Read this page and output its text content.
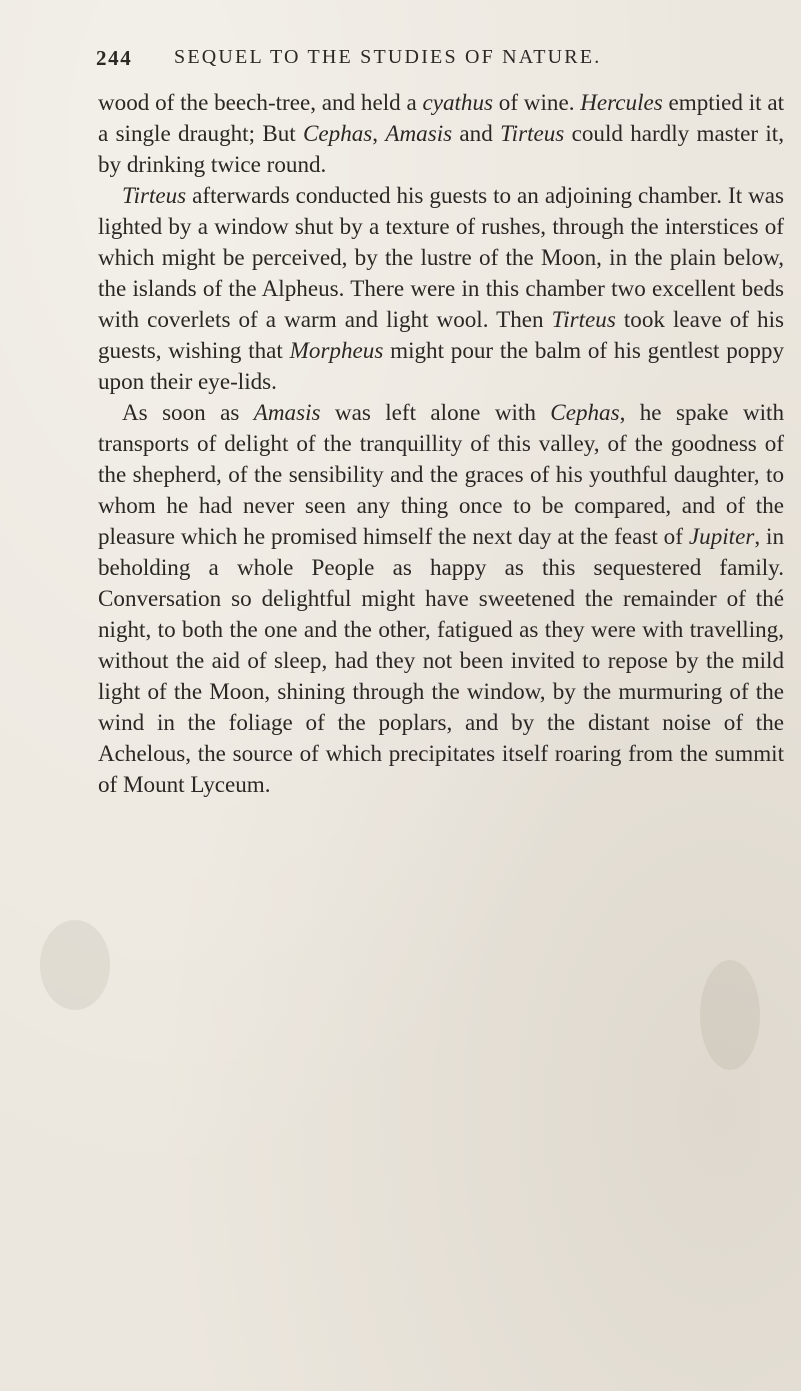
244 SEQUEL TO THE STUDIES OF NATURE.

wood of the beech-tree, and held a cyathus of wine. Hercules emptied it at a single draught; But Cephas, Amasis and Tirteus could hardly master it, by drinking twice round.

Tirteus afterwards conducted his guests to an adjoining chamber. It was lighted by a window shut by a texture of rushes, through the interstices of which might be perceived, by the lustre of the Moon, in the plain below, the islands of the Alpheus. There were in this chamber two excellent beds with coverlets of a warm and light wool. Then Tirteus took leave of his guests, wishing that Morpheus might pour the balm of his gentlest poppy upon their eye-lids.

As soon as Amasis was left alone with Cephas, he spake with transports of delight of the tranquillity of this valley, of the goodness of the shepherd, of the sensibility and the graces of his youthful daughter, to whom he had never seen any thing once to be compared, and of the pleasure which he promised himself the next day at the feast of Jupiter, in beholding a whole People as happy as this sequestered family. Conversation so delightful might have sweetened the remainder of thé night, to both the one and the other, fatigued as they were with travelling, without the aid of sleep, had they not been invited to repose by the mild light of the Moon, shining through the window, by the murmuring of the wind in the foliage of the poplars, and by the distant noise of the Achelous, the source of which precipitates itself roaring from the summit of Mount Lyceum.
